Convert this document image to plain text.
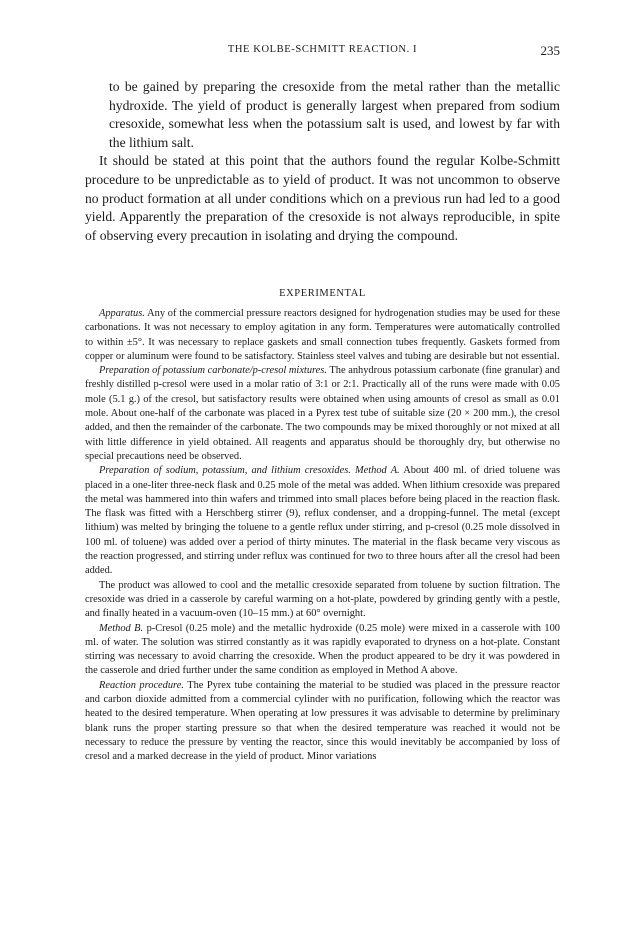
THE KOLBE-SCHMITT REACTION. I	235

to be gained by preparing the cresoxide from the metal rather than the metallic hydroxide. The yield of product is generally largest when prepared from sodium cresoxide, somewhat less when the potassium salt is used, and lowest by far with the lithium salt.

It should be stated at this point that the authors found the regular Kolbe-Schmitt procedure to be unpredictable as to yield of product. It was not uncommon to observe no product formation at all under conditions which on a previous run had led to a good yield. Apparently the preparation of the cresoxide is not always reproducible, in spite of observing every precaution in isolating and drying the compound.

EXPERIMENTAL

Apparatus. Any of the commercial pressure reactors designed for hydrogenation studies may be used for these carbonations. It was not necessary to employ agitation in any form. Temperatures were automatically controlled to within ±5°. It was necessary to replace gaskets and small connection tubes frequently. Gaskets formed from copper or aluminum were found to be satisfactory. Stainless steel valves and tubing are desirable but not essential.

Preparation of potassium carbonate/p-cresol mixtures. The anhydrous potassium carbonate (fine granular) and freshly distilled p-cresol were used in a molar ratio of 3:1 or 2:1. Practically all of the runs were made with 0.05 mole (5.1 g.) of the cresol, but satisfactory results were obtained when using amounts of cresol as small as 0.01 mole. About one-half of the carbonate was placed in a Pyrex test tube of suitable size (20 × 200 mm.), the cresol added, and then the remainder of the carbonate. The two compounds may be mixed thoroughly or not mixed at all with little difference in yield obtained. All reagents and apparatus should be thoroughly dry, but otherwise no special precautions need be observed.

Preparation of sodium, potassium, and lithium cresoxides. Method A. About 400 ml. of dried toluene was placed in a one-liter three-neck flask and 0.25 mole of the metal was added. When lithium cresoxide was prepared the metal was hammered into thin wafers and trimmed into small places before being placed in the reaction flask. The flask was fitted with a Herschberg stirrer (9), reflux condenser, and a dropping-funnel. The metal (except lithium) was melted by bringing the toluene to a gentle reflux under stirring, and p-cresol (0.25 mole dissolved in 100 ml. of toluene) was added over a period of thirty minutes. The material in the flask became very viscous as the reaction progressed, and stirring under reflux was continued for two to three hours after all the cresol had been added.

The product was allowed to cool and the metallic cresoxide separated from toluene by suction filtration. The cresoxide was dried in a casserole by careful warming on a hot-plate, powdered by grinding gently with a pestle, and finally heated in a vacuum-oven (10–15 mm.) at 60° overnight.

Method B. p-Cresol (0.25 mole) and the metallic hydroxide (0.25 mole) were mixed in a casserole with 100 ml. of water. The solution was stirred constantly as it was rapidly evaporated to dryness on a hot-plate. Constant stirring was necessary to avoid charring the cresoxide. When the product appeared to be dry it was powdered in the casserole and dried further under the same condition as employed in Method A above.

Reaction procedure. The Pyrex tube containing the material to be studied was placed in the pressure reactor and carbon dioxide admitted from a commercial cylinder with no purification, following which the reactor was heated to the desired temperature. When operating at low pressures it was advisable to determine by preliminary blank runs the proper starting pressure so that when the desired temperature was reached it would not be necessary to reduce the pressure by venting the reactor, since this would inevitably be accompanied by loss of cresol and a marked decrease in the yield of product. Minor variations
